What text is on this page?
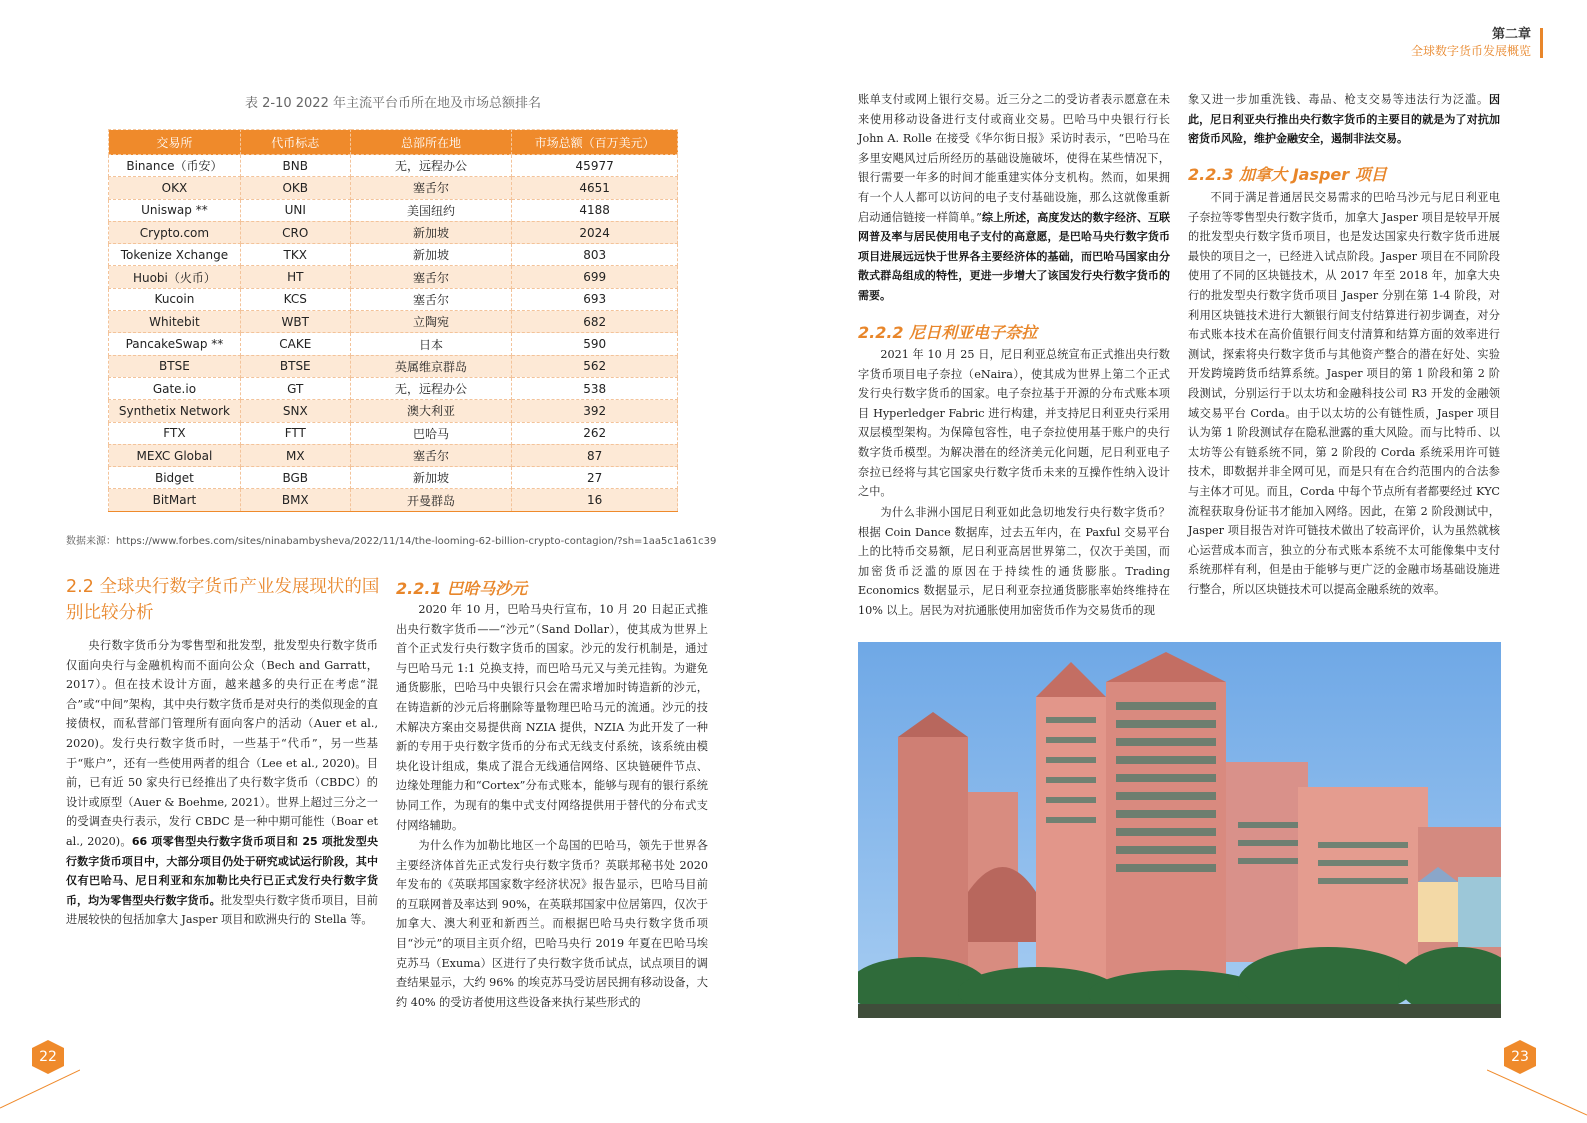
第二章
全球数字货币发展概览
表 2-10 2022 年主流平台币所在地及市场总额排名
交易所	代币标志	总部所在地	市场总额（百万美元）
Binance（币安）	BNB	无，远程办公	45977
OKX	OKB	塞舌尔	4651
Uniswap **	UNI	美国纽约	4188
Crypto.com	CRO	新加坡	2024
Tokenize Xchange	TKX	新加坡	803
Huobi（火币）	HT	塞舌尔	699
Kucoin	KCS	塞舌尔	693
Whitebit	WBT	立陶宛	682
PancakeSwap **	CAKE	日本	590
BTSE	BTSE	英属维京群岛	562
Gate.io	GT	无，远程办公	538
Synthetix Network	SNX	澳大利亚	392
FTX	FTT	巴哈马	262
MEXC Global	MX	塞舌尔	87
Bidget	BGB	新加坡	27
BitMart	BMX	开曼群岛	16
数据来源：https://www.forbes.com/sites/ninabambysheva/2022/11/14/the-looming-62-billion-crypto-contagion/?sh=1aa5c1a61c39
2.2 全球央行数字货币产业发展现状的国别比较分析
央行数字货币分为零售型和批发型，批发型央行数字货币仅面向央行与金融机构而不面向公众（Bech and Garratt，2017）。但在技术设计方面，越来越多的央行正在考虑“混合”或“中间”架构，其中央行数字货币是对央行的类似现金的直接债权，而私营部门管理所有面向客户的活动（Auer et al., 2020)。发行央行数字货币时，一些基于“代币”，另一些基于“账户”，还有一些使用两者的组合（Lee et al., 2020)。目前，已有近 50 家央行已经推出了央行数字货币（CBDC）的设计或原型（Auer & Boehme, 2021）。世界上超过三分之一的受调查央行表示，发行 CBDC 是一种中期可能性（Boar et al., 2020)。66 项零售型央行数字货币项目和 25 项批发型央行数字货币项目中，大部分项目仍处于研究或试运行阶段，其中仅有巴哈马、尼日利亚和东加勒比央行已正式发行央行数字货币，均为零售型央行数字货币。批发型央行数字货币项目，目前进展较快的包括加拿大 Jasper 项目和欧洲央行的 Stella 等。
2.2.1 巴哈马沙元
2020 年 10 月，巴哈马央行宣布，10 月 20 日起正式推出央行数字货币——“沙元”（Sand Dollar），使其成为世界上首个正式发行央行数字货币的国家。沙元的发行机制是，通过与巴哈马元 1:1 兑换支持，而巴哈马元又与美元挂钩。为避免通货膨胀，巴哈马中央银行只会在需求增加时铸造新的沙元，在铸造新的沙元后将删除等量物理巴哈马元的流通。沙元的技术解决方案由交易提供商 NZIA 提供，NZIA 为此开发了一种新的专用于央行数字货币的分布式无线支付系统，该系统由模块化设计组成，集成了混合无线通信网络、区块链硬件节点、边缘处理能力和“Cortex”分布式账本，能够与现有的银行系统协同工作，为现有的集中式支付网络提供用于替代的分布式支付网络辅助。
为什么作为加勒比地区一个岛国的巴哈马，领先于世界各主要经济体首先正式发行央行数字货币？英联邦秘书处 2020 年发布的《英联邦国家数字经济状况》报告显示，巴哈马目前的互联网普及率达到 90%，在英联邦国家中位居第四，仅次于加拿大、澳大利亚和新西兰。而根据巴哈马央行数字货币项目“沙元”的项目主页介绍，巴哈马央行 2019 年夏在巴哈马埃克苏马（Exuma）区进行了央行数字货币试点，试点项目的调查结果显示，大约 96% 的埃克苏马受访居民拥有移动设备，大约 40% 的受访者使用这些设备来执行某些形式的
账单支付或网上银行交易。近三分之二的受访者表示愿意在未来使用移动设备进行支付或商业交易。巴哈马中央银行行长 John A. Rolle 在接受《华尔街日报》采访时表示，“巴哈马在多里安飓风过后所经历的基础设施破坏，使得在某些情况下，银行需要一年多的时间才能重建实体分支机构。然而，如果拥有一个人人都可以访问的电子支付基础设施，那么这就像重新启动通信链接一样简单。”综上所述，高度发达的数字经济、互联网普及率与居民使用电子支付的高意愿，是巴哈马央行数字货币项目进展远远快于世界各主要经济体的基础，而巴哈马国家由分散式群岛组成的特性，更进一步增大了该国发行央行数字货币的需要。
2.2.2 尼日利亚电子奈拉
2021 年 10 月 25 日，尼日利亚总统宣布正式推出央行数字货币项目电子奈拉（eNaira），使其成为世界上第二个正式发行央行数字货币的国家。电子奈拉基于开源的分布式账本项目 Hyperledger Fabric 进行构建，并支持尼日利亚央行采用双层模型架构。为保障包容性，电子奈拉使用基于账户的央行数字货币模型。为解决潜在的经济美元化问题，尼日利亚电子奈拉已经将与其它国家央行数字货币未来的互操作性纳入设计之中。
为什么非洲小国尼日利亚如此急切地发行央行数字货币？根据 Coin Dance 数据库，过去五年内，在 Paxful 交易平台上的比特币交易额，尼日利亚高居世界第二，仅次于美国，而加密货币泛滥的原因在于持续性的通货膨胀。Trading Economics 数据显示，尼日利亚奈拉通货膨胀率始终维持在 10% 以上。居民为对抗通胀使用加密货币作为交易货币的现
象又进一步加重洗钱、毒品、枪支交易等违法行为泛滥。因此，尼日利亚央行推出央行数字货币的主要目的就是为了对抗加密货币风险，维护金融安全，遏制非法交易。
2.2.3 加拿大 Jasper 项目
不同于满足普通居民交易需求的巴哈马沙元与尼日利亚电子奈拉等零售型央行数字货币，加拿大 Jasper 项目是较早开展的批发型央行数字货币项目，也是发达国家央行数字货币进展最快的项目之一，已经进入试点阶段。Jasper 项目在不同阶段使用了不同的区块链技术，从 2017 年至 2018 年，加拿大央行的批发型央行数字货币项目 Jasper 分别在第 1-4 阶段，对利用区块链技术进行大额银行间支付结算进行初步调查，对分布式账本技术在高价值银行间支付清算和结算方面的效率进行测试，探索将央行数字货币与其他资产整合的潜在好处、实验开发跨境跨货币结算系统。Jasper 项目的第 1 阶段和第 2 阶段测试，分别运行于以太坊和金融科技公司 R3 开发的金融领域交易平台 Corda。由于以太坊的公有链性质，Jasper 项目认为第 1 阶段测试存在隐私泄露的重大风险。而与比特币、以太坊等公有链系统不同，第 2 阶段的 Corda 系统采用许可链技术，即数据并非全网可见，而是只有在合约范围内的合法参与主体才可见。而且，Corda 中每个节点所有者都要经过 KYC 流程获取身份证书才能加入网络。因此，在第 2 阶段测试中，Jasper 项目报告对许可链技术做出了较高评价，认为虽然就核心运营成本而言，独立的分布式账本系统不太可能像集中支付系统那样有利，但是由于能够与更广泛的金融市场基础设施进行整合，所以区块链技术可以提高金融系统的效率。
22	23
